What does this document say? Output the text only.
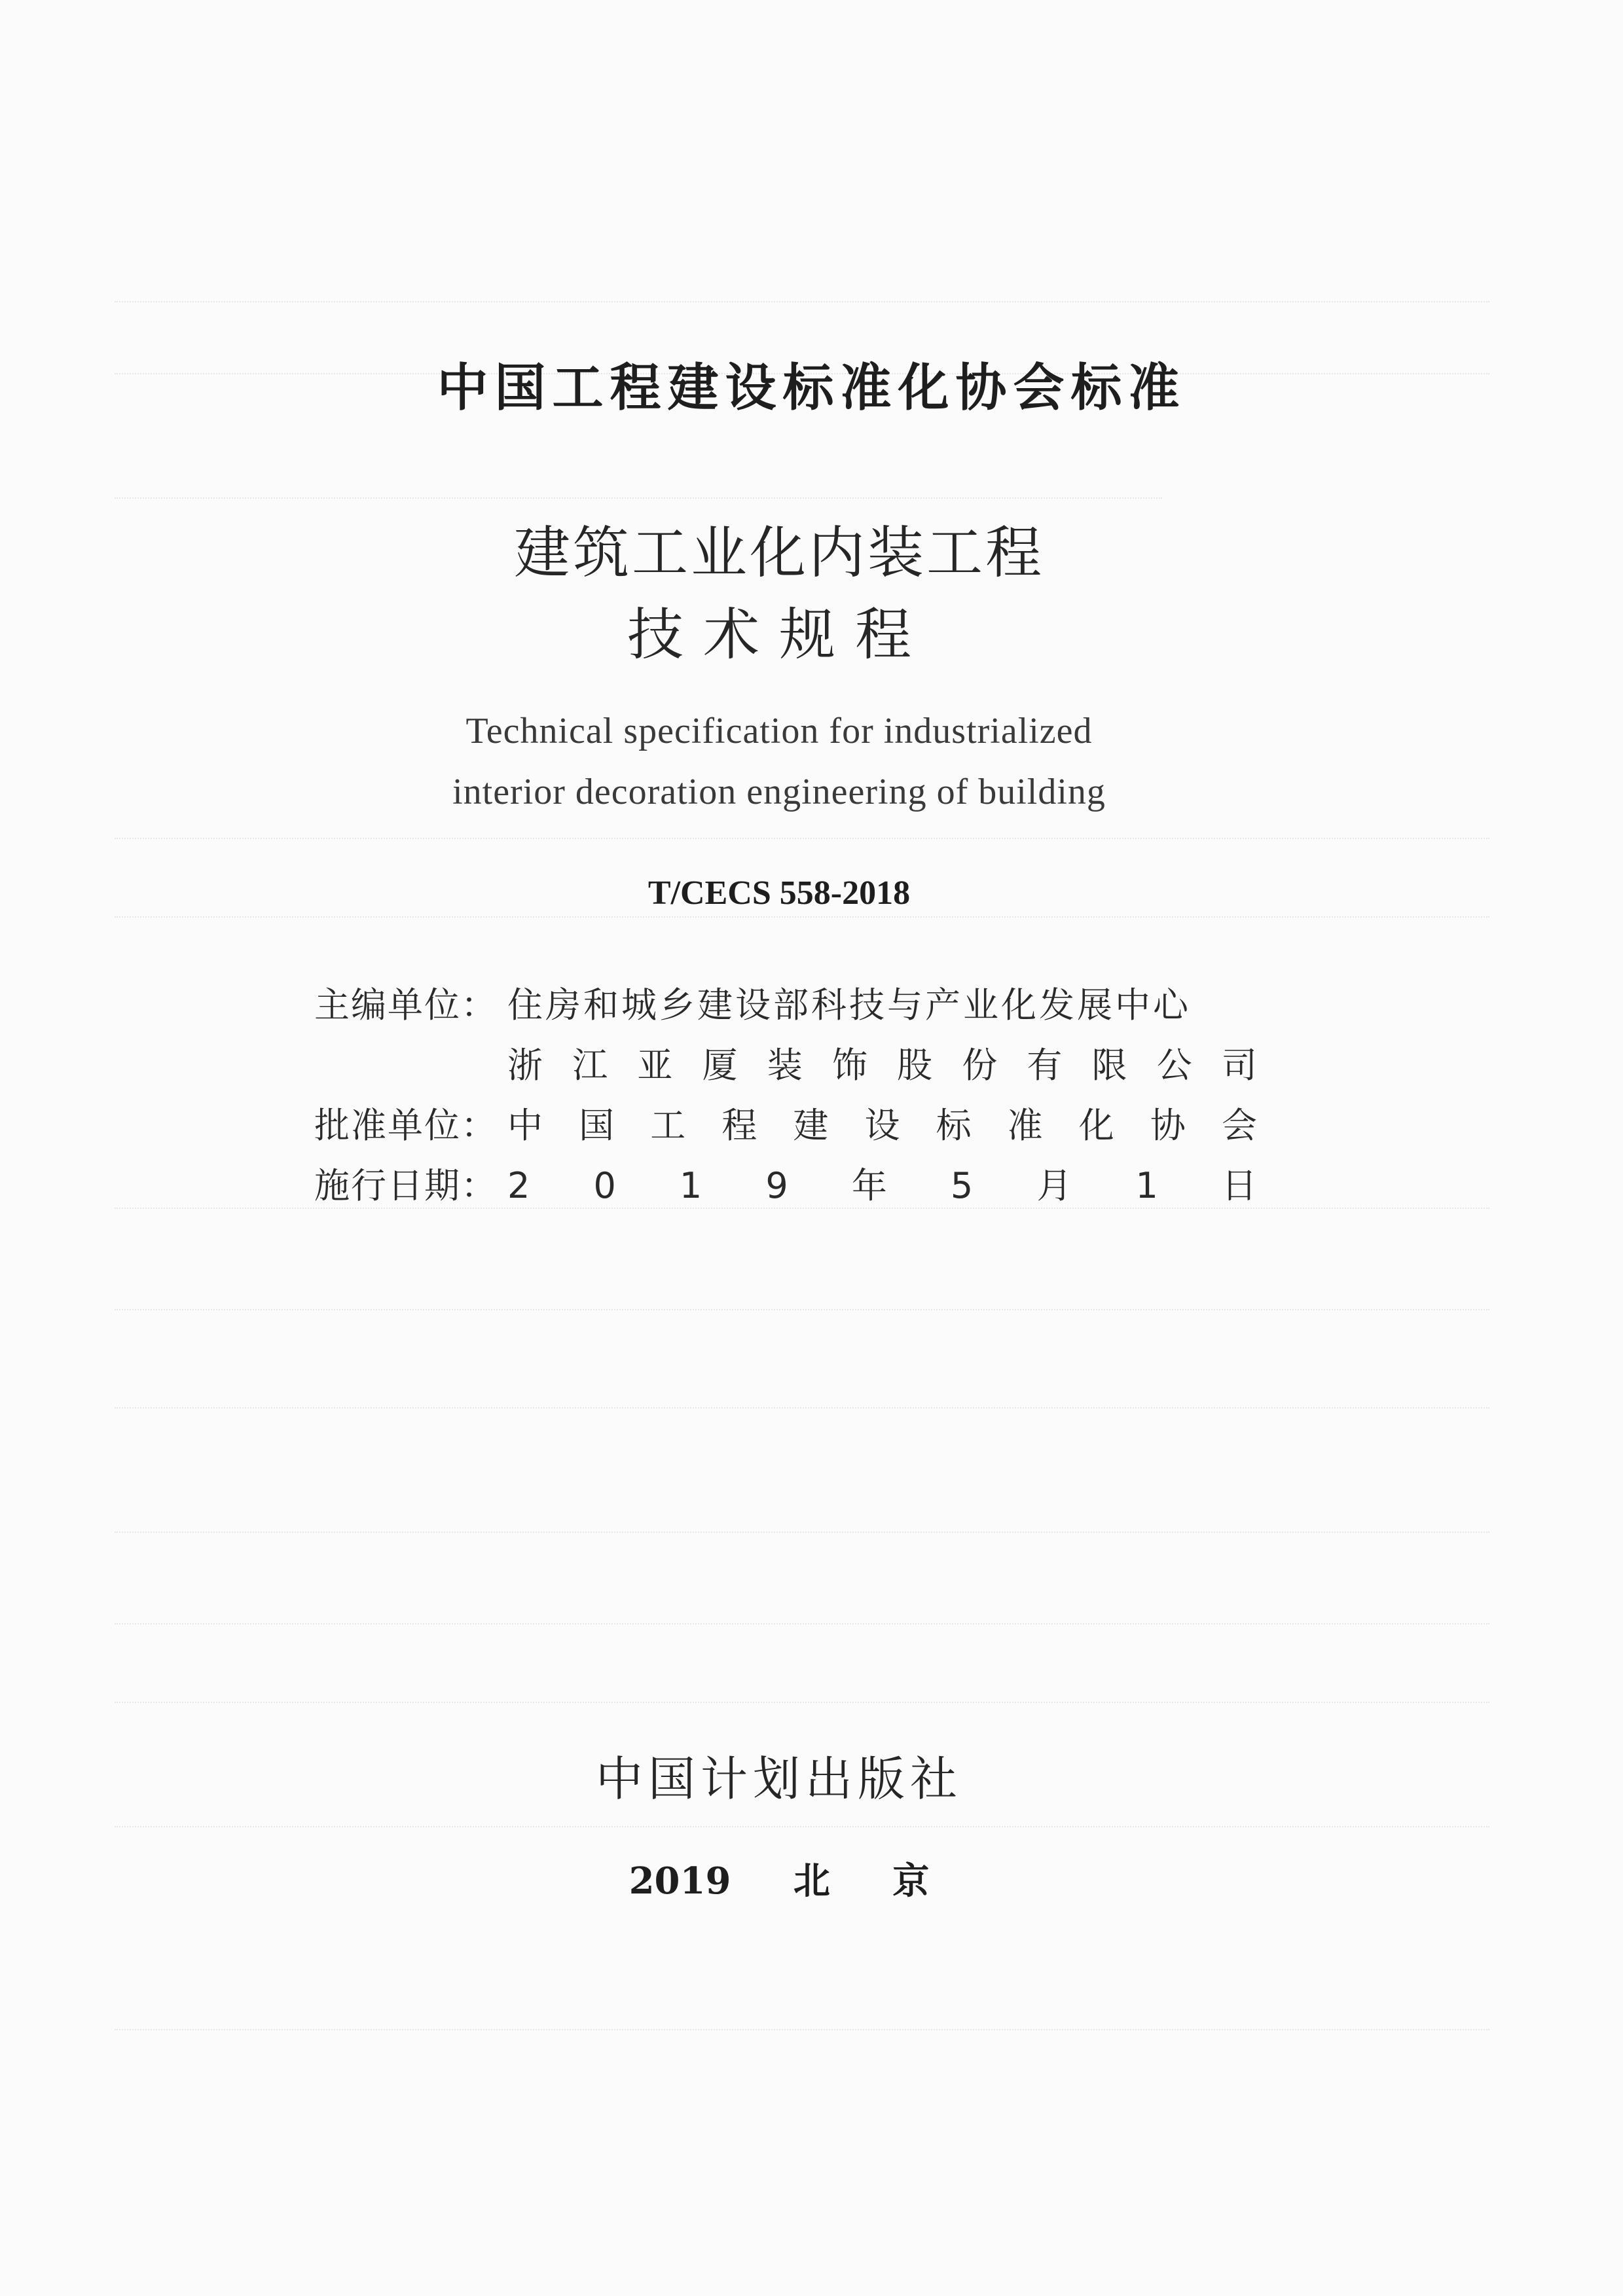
中国工程建设标准化协会标准
建筑工业化内装工程
技术规程
Technical specification for industrialized
interior decoration engineering of building
T/CECS 558-2018
主编单位： 住房和城乡建设部科技与产业化发展中心
浙 江 亚 厦 装 饰 股 份 有 限 公 司
批准单位： 中 国 工 程 建 设 标 准 化 协 会
施行日期： 2 0 1 9 年 5 月 1 日
中国计划出版社
2019 北 京
